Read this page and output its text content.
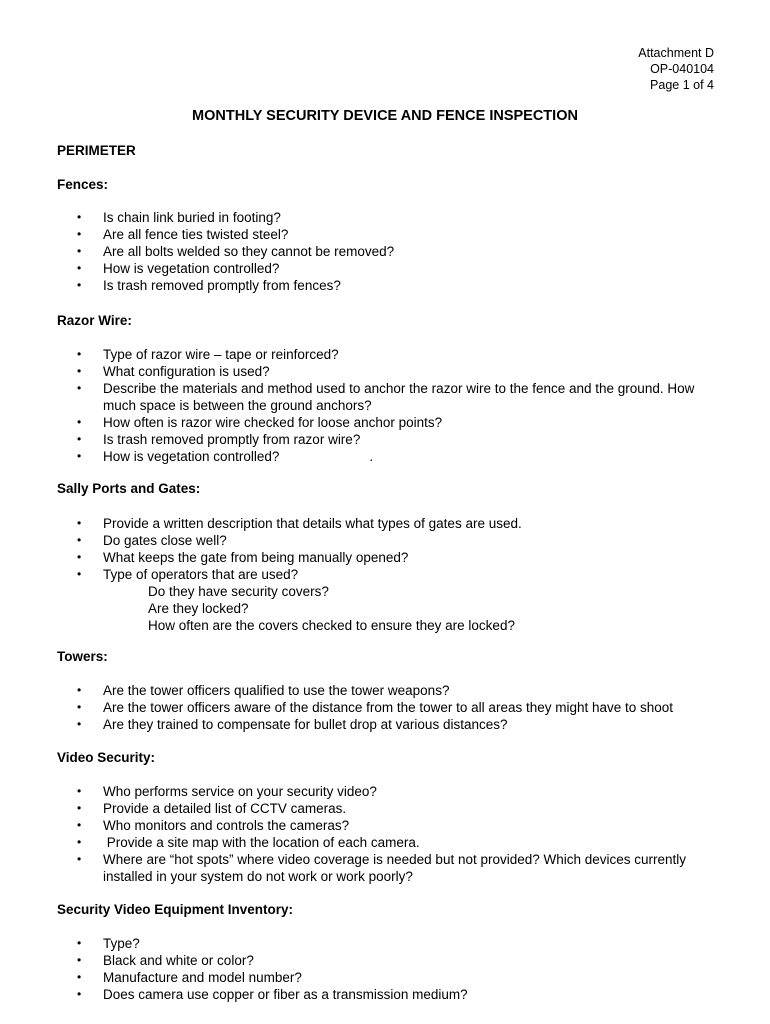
Attachment D
OP-040104
Page 1 of 4
MONTHLY SECURITY DEVICE AND FENCE INSPECTION
PERIMETER
Fences:
• Is chain link buried in footing?
• Are all fence ties twisted steel?
• Are all bolts welded so they cannot be removed?
• How is vegetation controlled?
• Is trash removed promptly from fences?
Razor Wire:
• Type of razor wire – tape or reinforced?
• What configuration is used?
• Describe the materials and method used to anchor the razor wire to the fence and the ground. How much space is between the ground anchors?
• How often is razor wire checked for loose anchor points?
• Is trash removed promptly from razor wire?
• How is vegetation controlled?	.
Sally Ports and Gates:
• Provide a written description that details what types of gates are used.
• Do gates close well?
• What keeps the gate from being manually opened?
• Type of operators that are used?
Do they have security covers?
Are they locked?
How often are the covers checked to ensure they are locked?
Towers:
• Are the tower officers qualified to use the tower weapons?
• Are the tower officers aware of the distance from the tower to all areas they might have to shoot
• Are they trained to compensate for bullet drop at various distances?
Video Security:
• Who performs service on your security video?
• Provide a detailed list of CCTV cameras.
• Who monitors and controls the cameras?
• Provide a site map with the location of each camera.
• Where are “hot spots” where video coverage is needed but not provided? Which devices currently installed in your system do not work or work poorly?
Security Video Equipment Inventory:
• Type?
• Black and white or color?
• Manufacture and model number?
• Does camera use copper or fiber as a transmission medium?
